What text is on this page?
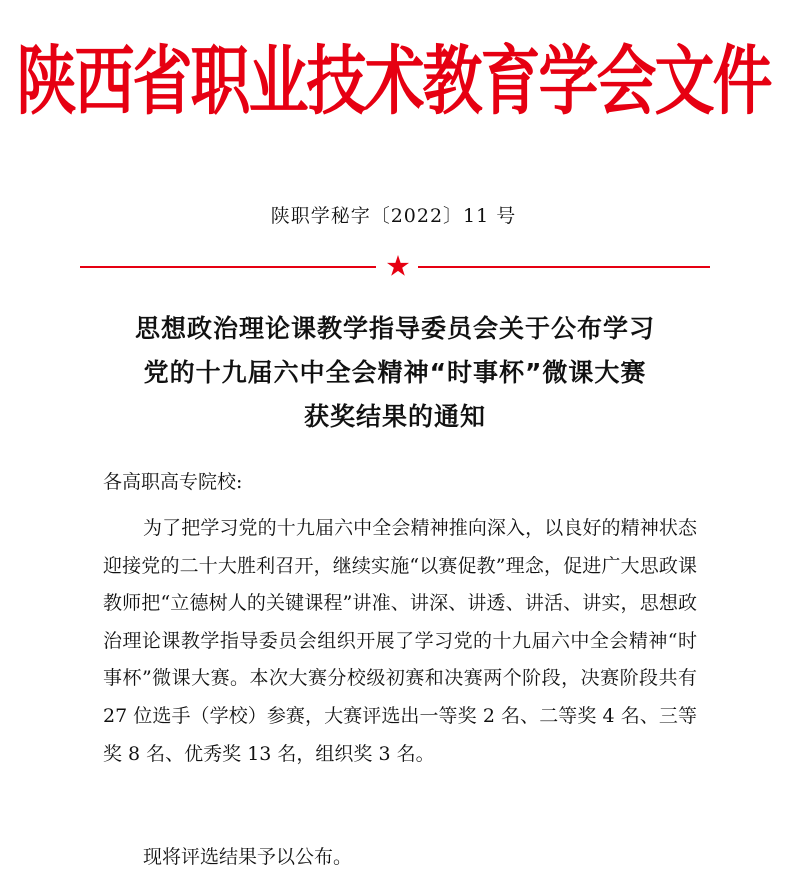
陕西省职业技术教育学会文件
陕职学秘字〔2022〕11 号
思想政治理论课教学指导委员会关于公布学习
党的十九届六中全会精神“时事杯”微课大赛
获奖结果的通知
各高职高专院校:

为了把学习党的十九届六中全会精神推向深入，以良好的精神状态迎接党的二十大胜利召开，继续实施“以赛促教”理念，促进广大思政课教师把“立德树人的关键课程”讲准、讲深、讲透、讲活、讲实，思想政治理论课教学指导委员会组织开展了学习党的十九届六中全会精神“时事杯”微课大赛。本次大赛分校级初赛和决赛两个阶段，决赛阶段共有 27 位选手（学校）参赛，大赛评选出一等奖 2 名、二等奖 4 名、三等奖 8 名、优秀奖 13 名，组织奖 3 名。

现将评选结果予以公布。
